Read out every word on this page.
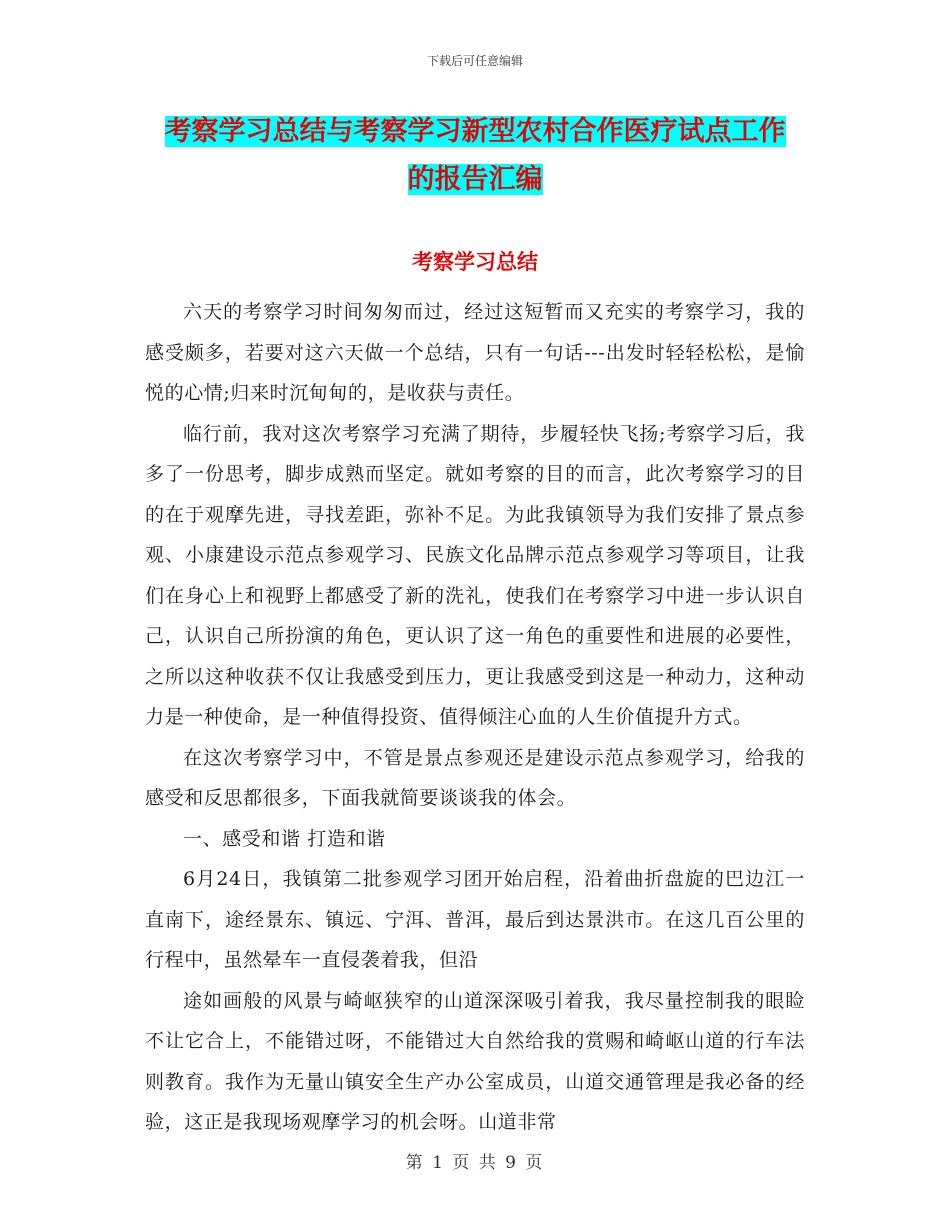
下载后可任意编辑
考察学习总结与考察学习新型农村合作医疗试点工作
的报告汇编
考察学习总结

六天的考察学习时间匆匆而过，经过这短暂而又充实的考察学习，我的感受颇多，若要对这六天做一个总结，只有一句话---出发时轻轻松松，是愉悦的心情;归来时沉甸甸的，是收获与责任。

临行前，我对这次考察学习充满了期待，步履轻快飞扬;考察学习后，我多了一份思考，脚步成熟而坚定。就如考察的目的而言，此次考察学习的目的在于观摩先进，寻找差距，弥补不足。为此我镇领导为我们安排了景点参观、小康建设示范点参观学习、民族文化品牌示范点参观学习等项目，让我们在身心上和视野上都感受了新的洗礼，使我们在考察学习中进一步认识自己，认识自己所扮演的角色，更认识了这一角色的重要性和进展的必要性，之所以这种收获不仅让我感受到压力，更让我感受到这是一种动力，这种动力是一种使命，是一种值得投资、值得倾注心血的人生价值提升方式。

在这次考察学习中，不管是景点参观还是建设示范点参观学习，给我的感受和反思都很多，下面我就简要谈谈我的体会。

一、感受和谐 打造和谐

6月24日，我镇第二批参观学习团开始启程，沿着曲折盘旋的巴边江一直南下，途经景东、镇远、宁洱、普洱，最后到达景洪市。在这几百公里的行程中，虽然晕车一直侵袭着我，但沿

途如画般的风景与崎岖狭窄的山道深深吸引着我，我尽量控制我的眼睑不让它合上，不能错过呀，不能错过大自然给我的赏赐和崎岖山道的行车法则教育。我作为无量山镇安全生产办公室成员，山道交通管理是我必备的经验，这正是我现场观摩学习的机会呀。山道非常

第 1 页 共 9 页
